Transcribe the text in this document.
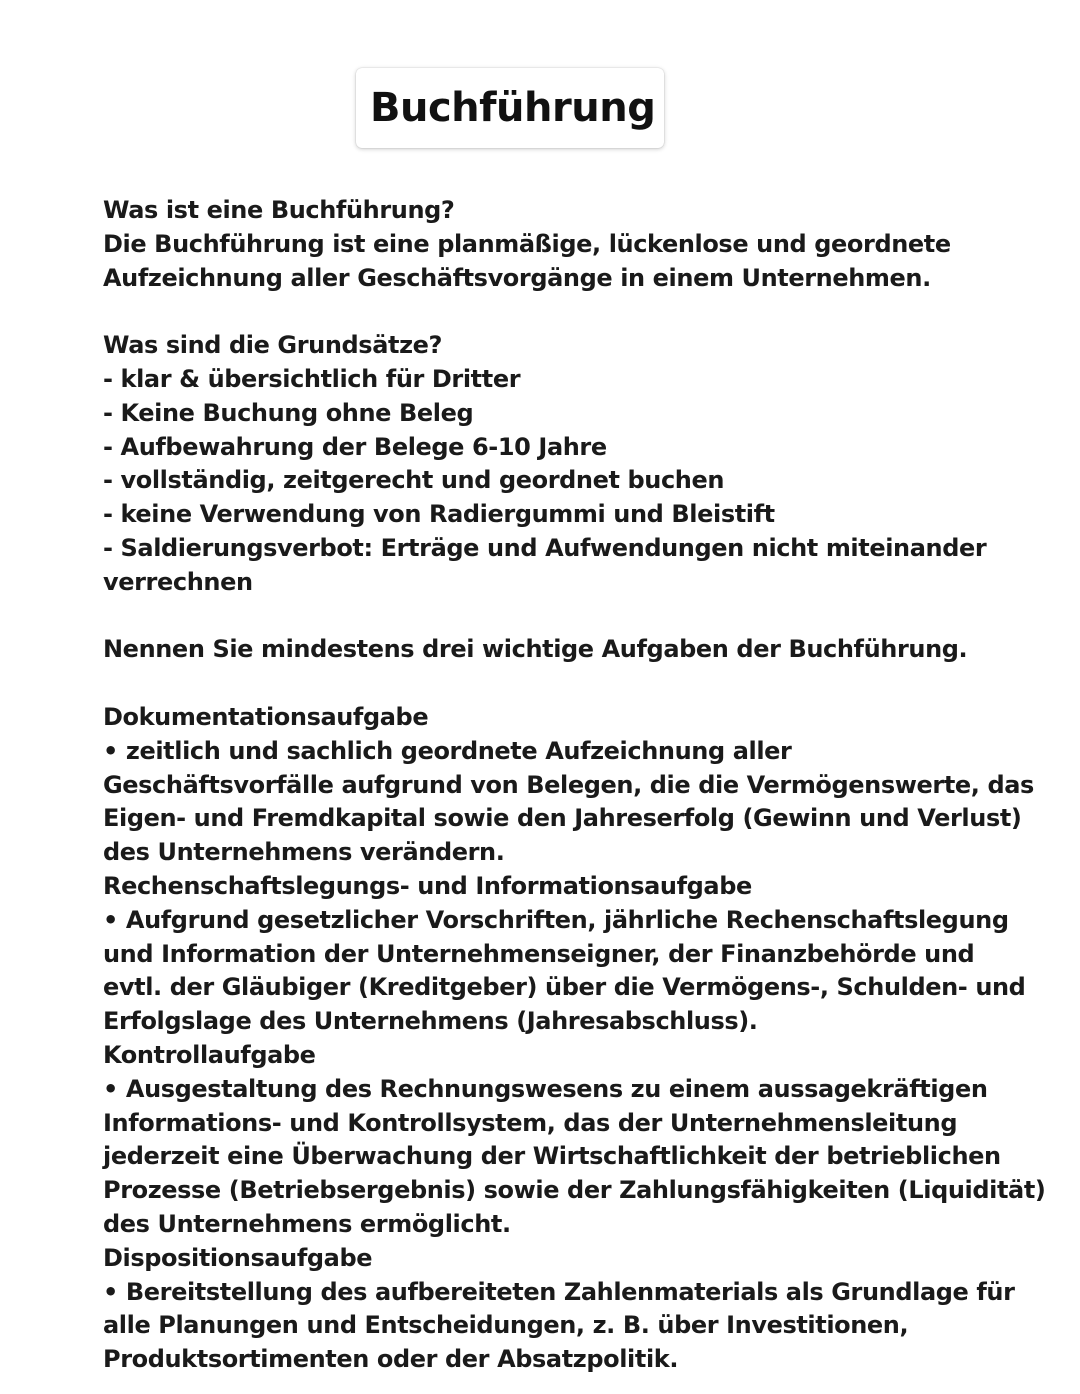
Buchführung
Was ist eine Buchführung?
Die Buchführung ist eine planmäßige, lückenlose und geordnete
Aufzeichnung aller Geschäftsvorgänge in einem Unternehmen.
Was sind die Grundsätze?
- klar & übersichtlich für Dritter
- Keine Buchung ohne Beleg
- Aufbewahrung der Belege 6-10 Jahre
- vollständig, zeitgerecht und geordnet buchen
- keine Verwendung von Radiergummi und Bleistift
- Saldierungsverbot: Erträge und Aufwendungen nicht miteinander
verrechnen
Nennen Sie mindestens drei wichtige Aufgaben der Buchführung.
Dokumentationsaufgabe
• zeitlich und sachlich geordnete Aufzeichnung aller
Geschäftsvorfälle aufgrund von Belegen, die die Vermögenswerte, das
Eigen- und Fremdkapital sowie den Jahreserfolg (Gewinn und Verlust)
des Unternehmens verändern.
Rechenschaftslegungs- und Informationsaufgabe
• Aufgrund gesetzlicher Vorschriften, jährliche Rechenschaftslegung
und Information der Unternehmenseigner, der Finanzbehörde und
evtl. der Gläubiger (Kreditgeber) über die Vermögens-, Schulden- und
Erfolgslage des Unternehmens (Jahresabschluss).
Kontrollaufgabe
• Ausgestaltung des Rechnungswesens zu einem aussagekräftigen
Informations- und Kontrollsystem, das der Unternehmensleitung
jederzeit eine Überwachung der Wirtschaftlichkeit der betrieblichen
Prozesse (Betriebsergebnis) sowie der Zahlungsfähigkeiten (Liquidität)
des Unternehmens ermöglicht.
Dispositionsaufgabe
• Bereitstellung des aufbereiteten Zahlenmaterials als Grundlage für
alle Planungen und Entscheidungen, z. B. über Investitionen,
Produktsortimenten oder der Absatzpolitik.
